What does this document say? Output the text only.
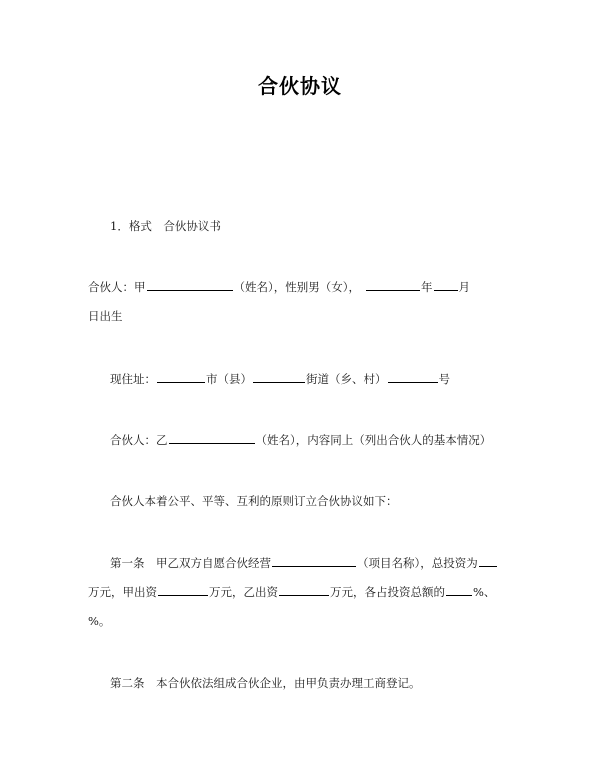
合伙协议
1．格式　合伙协议书
合伙人：甲	（姓名），性别男（女），	年 月
日出生
现住址：	市（县）	街道（乡、村）	号
合伙人：乙	（姓名），内容同上（列出合伙人的基本情况）
合伙人本着公平、平等、互利的原则订立合伙协议如下：
第一条　甲乙双方自愿合伙经营	（项目名称），总投资为
万元，甲出资	万元，乙出资	万元，各占投资总额的 %、
%。
第二条　本合伙依法组成合伙企业，由甲负责办理工商登记。
